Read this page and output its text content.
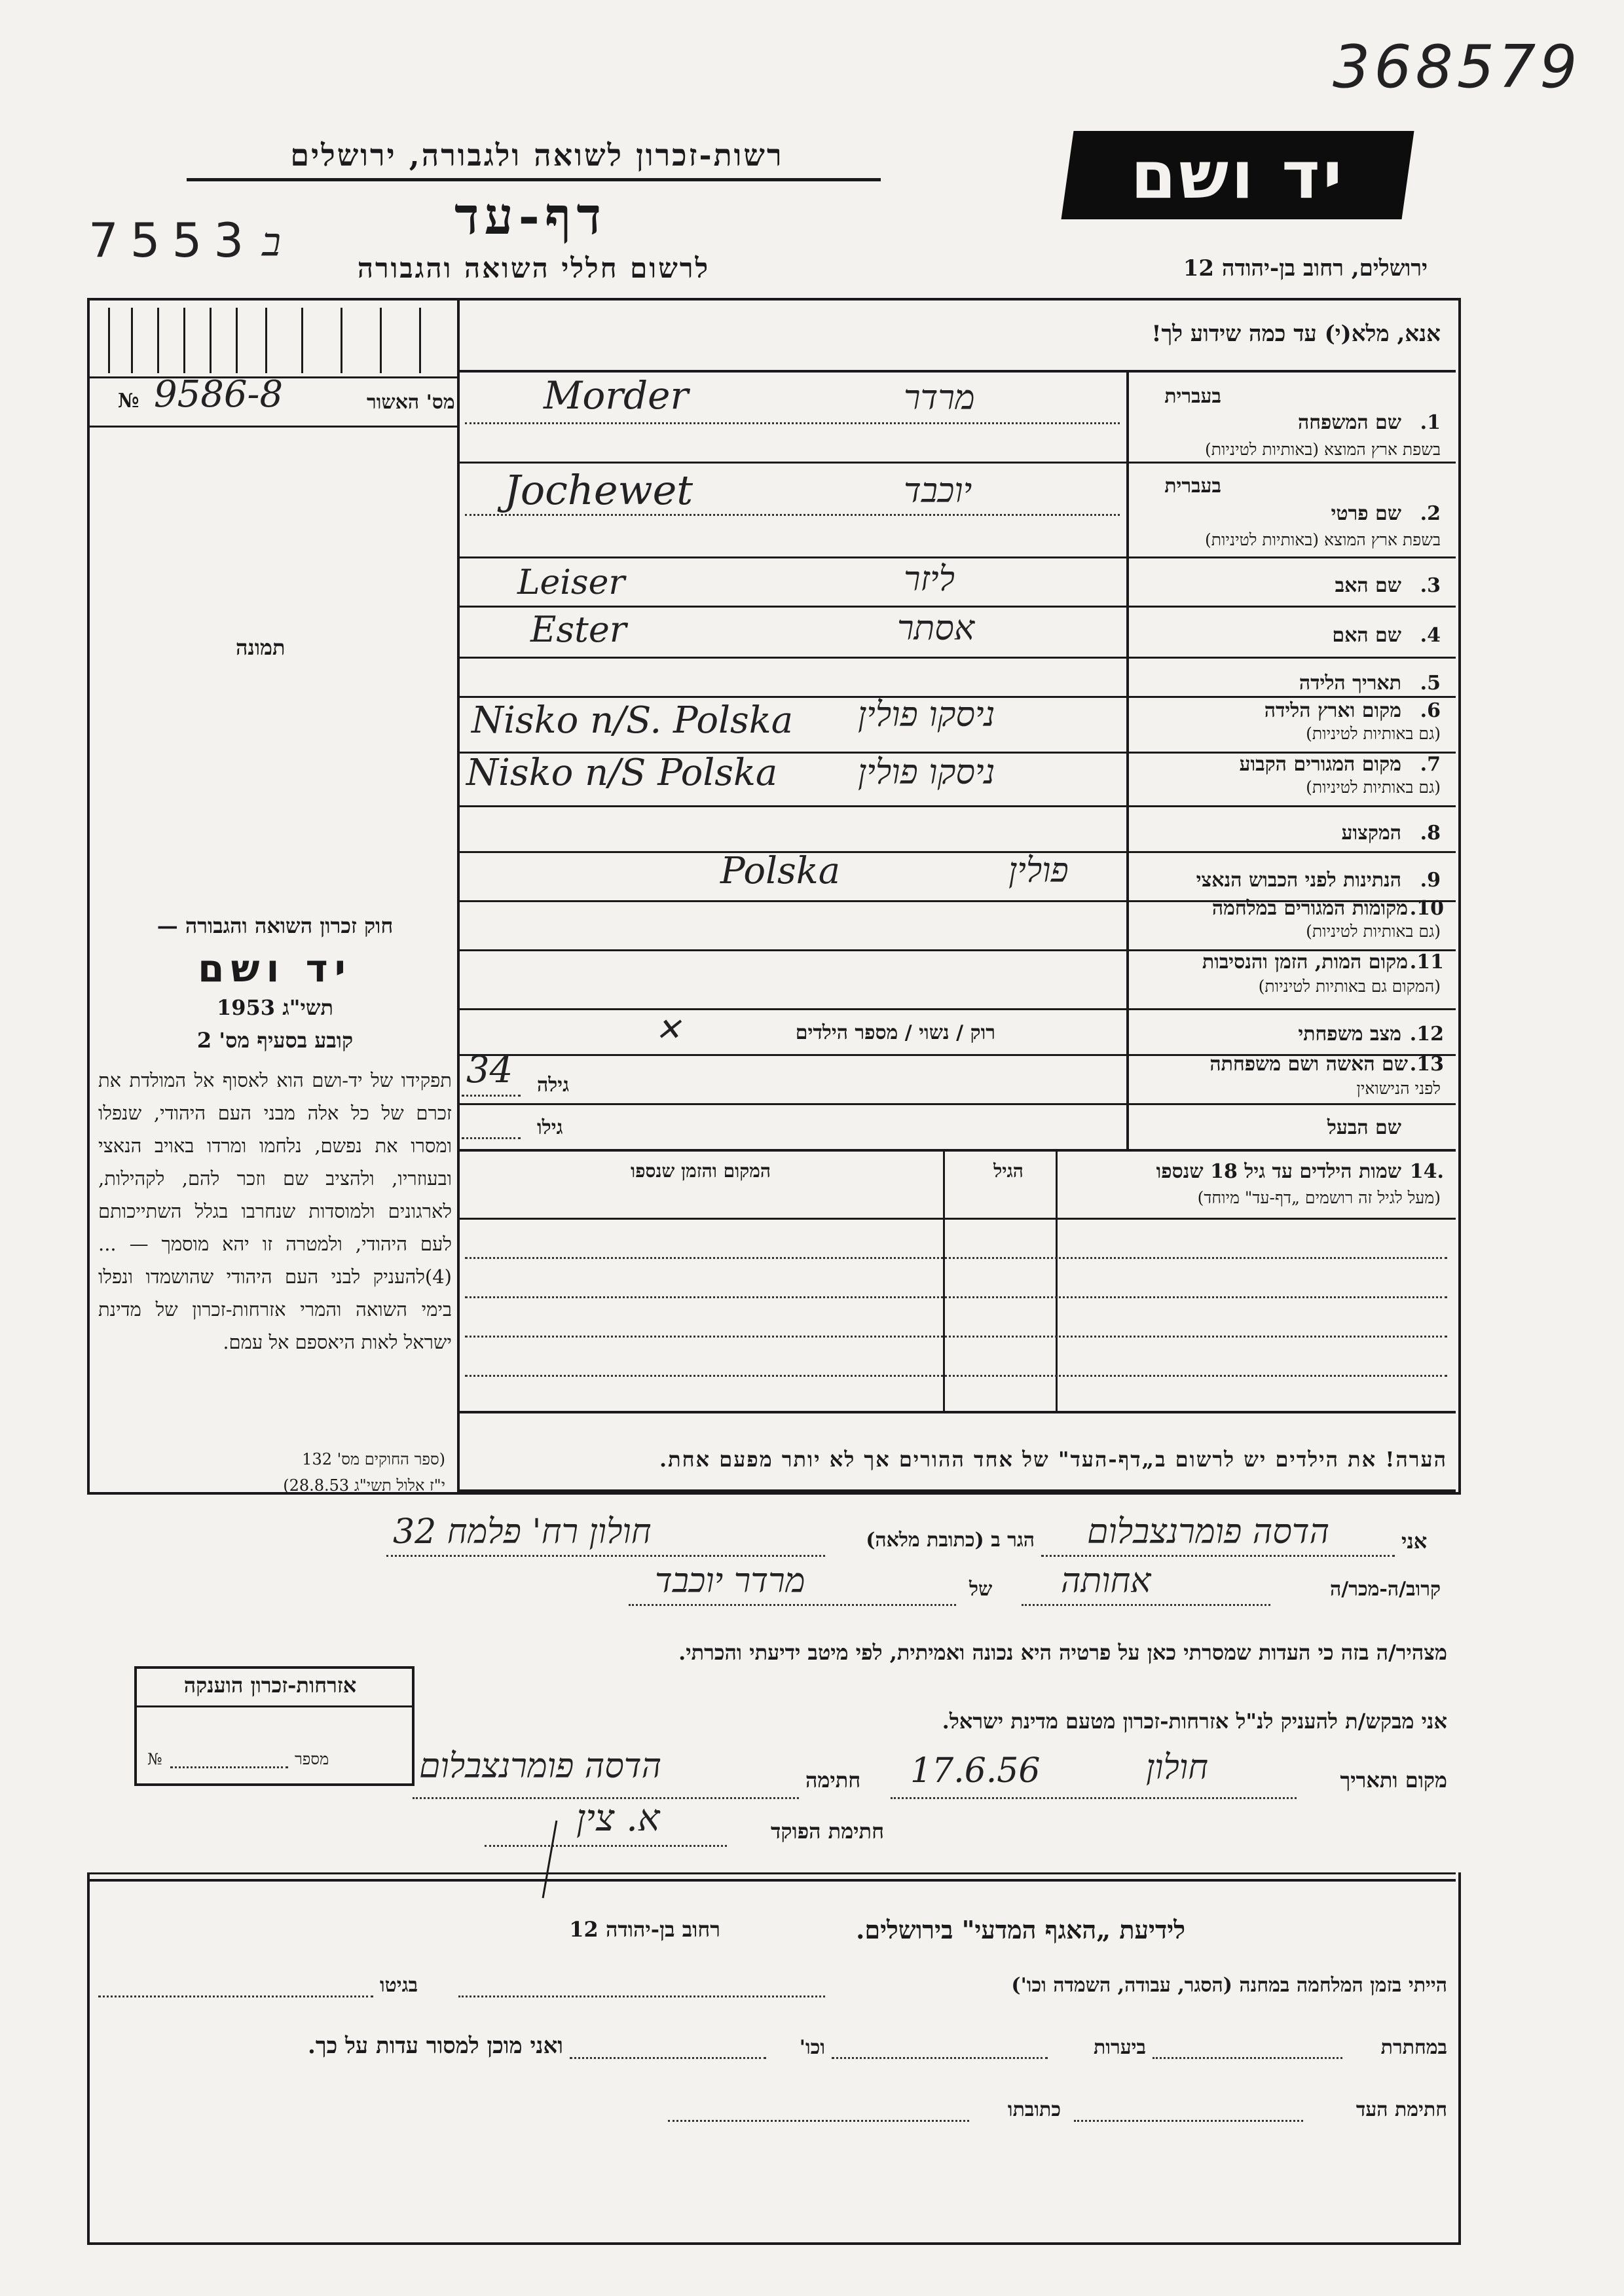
368579
רשות-זכרון לשואה ולגבורה, ירושלים	יד ושם
7553 ב	דף-עד
לרשום חללי השואה והגבורה	ירושלים, רחוב בן-יהודה 12
№ 9586-8	מס' האשור
תמונה
אנא, מלא(י) עד כמה שידוע לך!
בעברית
שם המשפחה 1.
בשפת ארץ המוצא (באותיות לטיניות)
Morder	מרדר
בעברית
שם פרטי 2.
בשפת ארץ המוצא (באותיות לטיניות)
Jochewet	יוכבד
שם האב 3.
Leiser	ליזר
שם האם 4.
Ester	אסתר
תאריך הלידה 5.
מקום וארץ הלידה 6.
(גם באותיות לטיניות)
Nisko n/S. Polska ניסקו פולין
מקום המגורים הקבוע 7.
(גם באותיות לטיניות)
Nisko n/S Polska ניסקו פולין
המקצוע 8.
הנתינות לפני הכבוש הנאצי 9.
Polska	פולין
מקומות המגורים במלחמה 10.
(גם באותיות לטיניות)
מקום המות, הזמן והנסיבות 11.
(המקום גם באותיות לטיניות)
מצב משפחתי 12.
רוק / נשוי / מספר הילדים
✕
שם האשה ושם משפחתה 13.
לפני הנישואין
גילה
34
שם הבעל
גילו
שמות הילדים עד גיל 18 שנספו .14
(מעל לגיל זה רושמים „דף-עד" מיוחד)
הגיל
המקום והזמן שנספו
הערה! את הילדים יש לרשום ב„דף-העד" של אחד ההורים אך לא יותר מפעם אחת.
חוק זכרון השואה והגבורה —
יד ושם
תשי"ג 1953
קובע בסעיף מס' 2
תפקידו של יד-ושם הוא לאסוף אל המולדת את זכרם של כל אלה מבני העם היהודי, שנפלו ומסרו את נפשם, נלחמו ומרדו באויב הנאצי ובעוזריו, ולהציב שם וזכר להם, לקהילות, לארגונים ולמוסדות שנחרבו בגלל השתייכותם לעם היהודי, ולמטרה זו יהא מוסמך — ...(4)להעניק לבני העם היהודי שהושמדו ונפלו בימי השואה והמרי אזרחות-זכרון של מדינת ישראל לאות היאספם אל עמם.
(ספר החוקים מס' 132
י"ז אלול תשי"ג 28.8.53)
אני
הדסה פומרנצבלום
הגר ב (כתובת מלאה)
חולון רח' פלמח 32
קרוב/ה-מכר/ה
אחותה
של
מרדר יוכבד
מצהיר/ה בזה כי העדות שמסרתי כאן על פרטיה היא נכונה ואמיתית, לפי מיטב ידיעתי והכרתי.
אזרחות-זכרון הוענקה
מספר
№
אני מבקש/ת להעניק לנ"ל אזרחות-זכרון מטעם מדינת ישראל.
מקום ותאריך
חולון
17.6.56
חתימה
הדסה פומרנצבלום
חתימת הפוקד
א. צין
לידיעת „האגף המדעי" בירושלים.
רחוב בן-יהודה 12
הייתי בזמן המלחמה במחנה (הסגר, עבודה, השמדה וכו')
בגיטו
במחתרת
ביערות
וכו'
ואני מוכן למסור עדות על כך.
חתימת העד
כתובתו
